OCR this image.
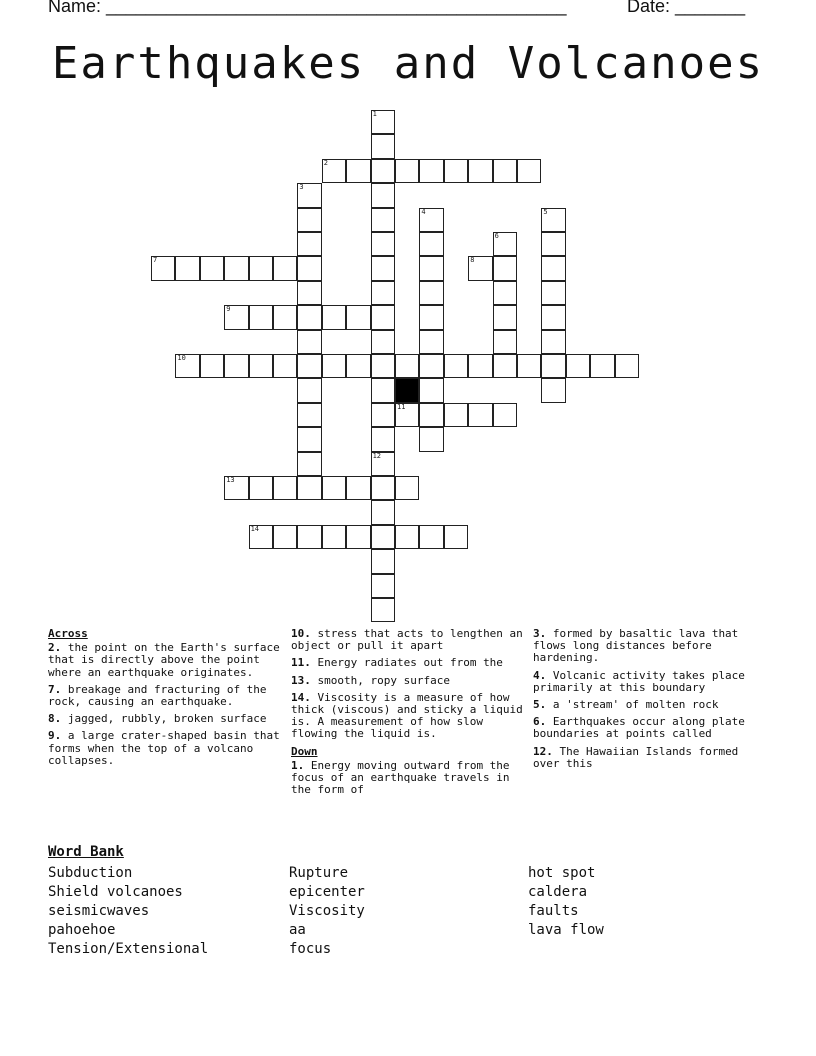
Name: ______________________________________________	Date: _______
Earthquakes and Volcanoes
1
12
2
3
4	5
6
7	8
9
10
11
13
14
Across
2. the point on the Earth's surface that is directly above the point where an earthquake originates.
7. breakage and fracturing of the rock, causing an earthquake.
8. jagged, rubbly, broken surface
9. a large crater-shaped basin that forms when the top of a volcano collapses.
10. stress that acts to lengthen an object or pull it apart
11. Energy radiates out from the
13. smooth, ropy surface
14. Viscosity is a measure of how thick (viscous) and sticky a liquid is. A measurement of how slow flowing the liquid is.
Down
1. Energy moving outward from the focus of an earthquake travels in the form of
3. formed by basaltic lava that flows long distances before hardening.
4. Volcanic activity takes place primarily at this boundary
5. a 'stream' of molten rock
6. Earthquakes occur along plate boundaries at points called
12. The Hawaiian Islands formed over this
Word Bank
Subduction
Shield volcanoes
seismicwaves
pahoehoe
Tension/Extensional
Rupture
epicenter
Viscosity
aa
focus
hot spot
caldera
faults
lava flow
